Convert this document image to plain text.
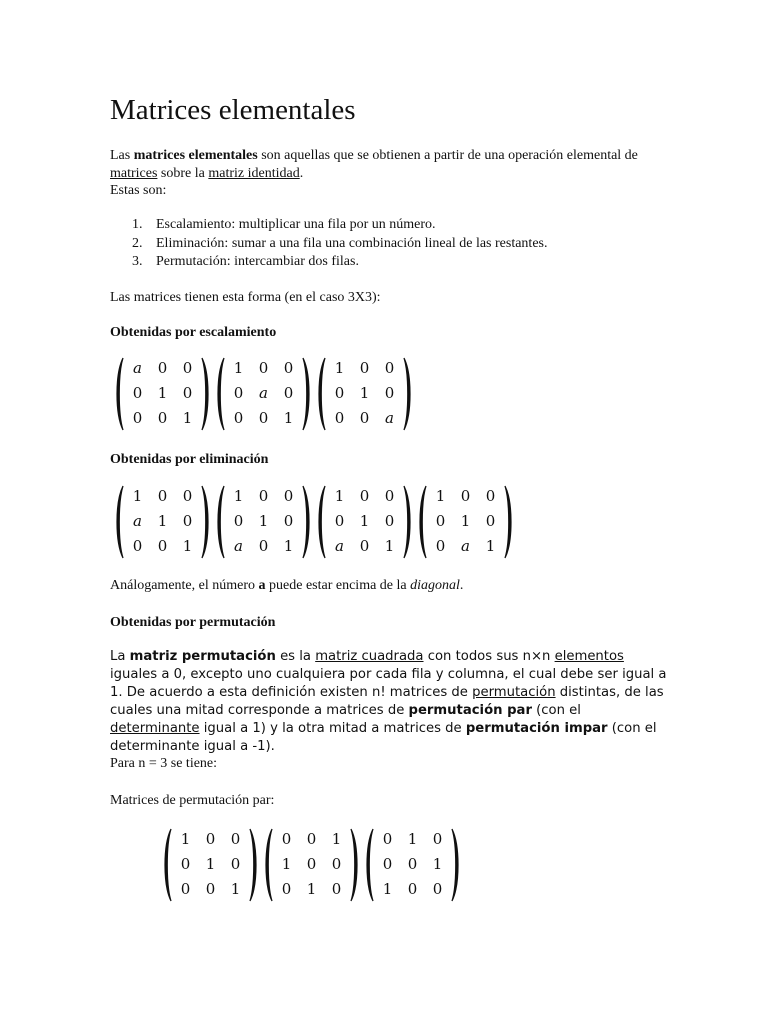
Matrices elementales

Las matrices elementales son aquellas que se obtienen a partir de una operación elemental de matrices sobre la matriz identidad.
Estas son:

1. Escalamiento: multiplicar una fila por un número.
2. Eliminación: sumar a una fila una combinación lineal de las restantes.
3. Permutación: intercambiar dos filas.

Las matrices tienen esta forma (en el caso 3X3):

Obtenidas por escalamiento

a	0	0
0	1	0
0	0	1
1	0	0
0	a	0
0	0	1
1	0	0
0	1	0
0	0	a

Obtenidas por eliminación

1	0	0
a	1	0
0	0	1
1	0	0
0	1	0
a	0	1
1	0	0
0	1	0
a	0	1
1	0	0
0	1	0
0	a	1

Análogamente, el número a puede estar encima de la diagonal.

Obtenidas por permutación

La matriz permutación es la matriz cuadrada con todos sus n×n elementos iguales a 0, excepto uno cualquiera por cada fila y columna, el cual debe ser igual a 1. De acuerdo a esta definición existen n! matrices de permutación distintas, de las cuales una mitad corresponde a matrices de permutación par (con el determinante igual a 1) y la otra mitad a matrices de permutación impar (con el determinante igual a -1).

Para n = 3 se tiene:

Matrices de permutación par:

1	0	0
0	1	0
0	0	1
0	0	1
1	0	0
0	1	0
0	1	0
0	0	1
1	0	0
